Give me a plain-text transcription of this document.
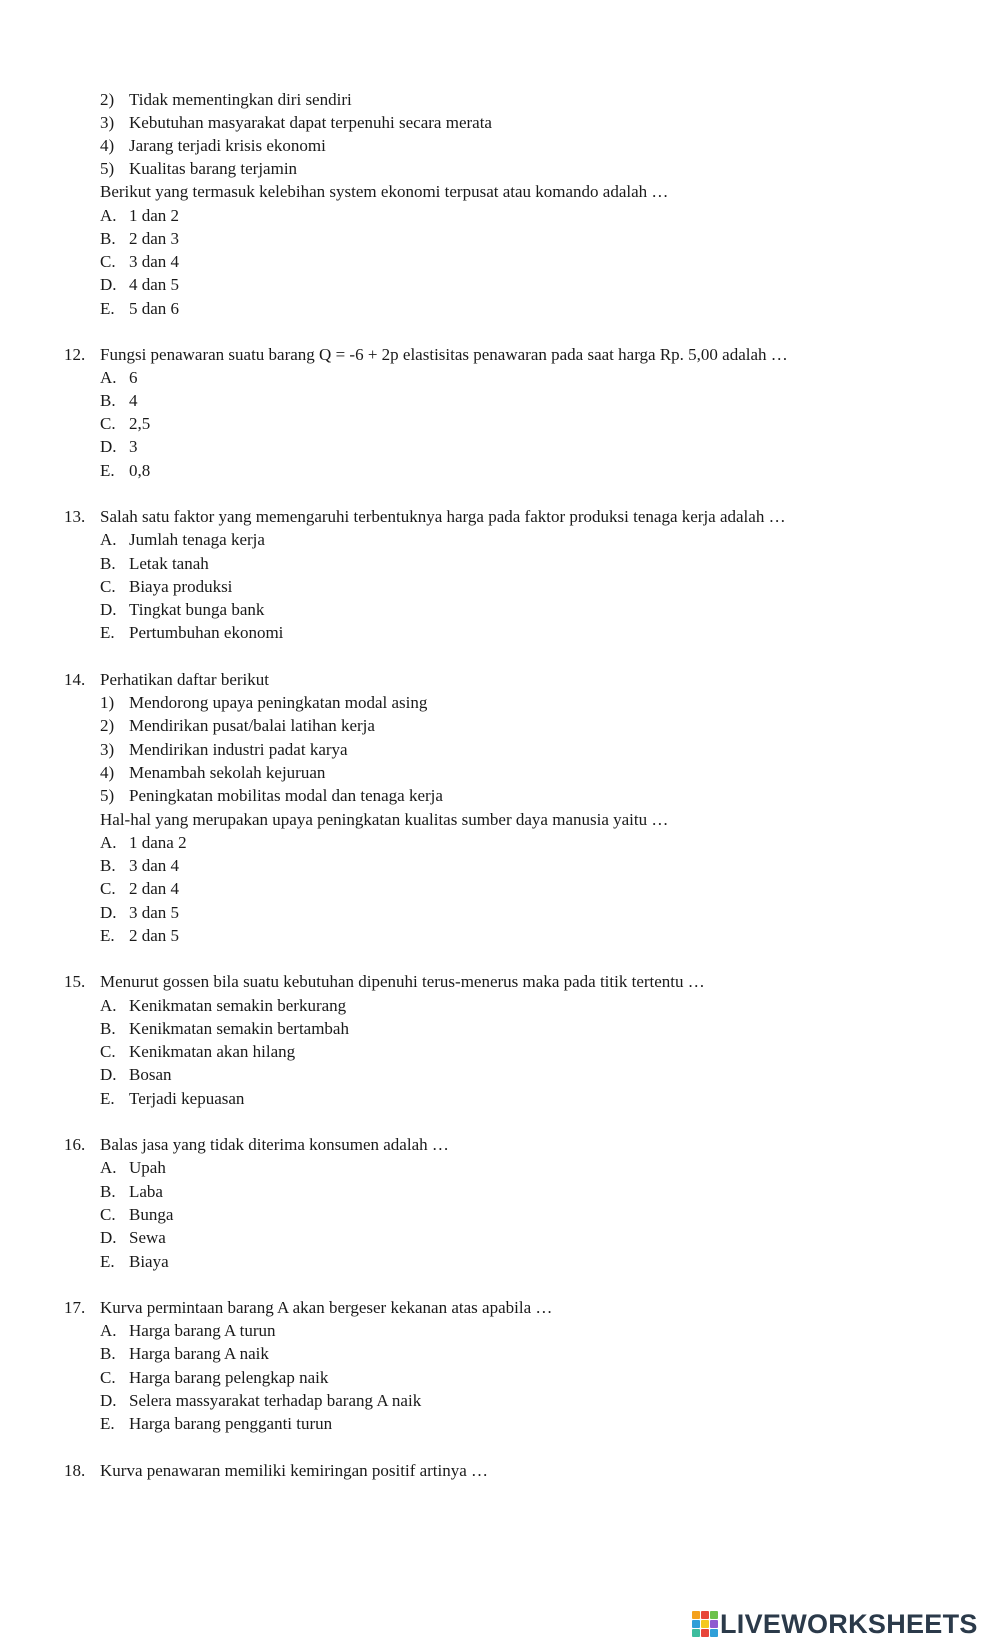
2) Tidak mementingkan diri sendiri
3) Kebutuhan masyarakat dapat terpenuhi secara merata
4) Jarang terjadi krisis ekonomi
5) Kualitas barang terjamin
Berikut yang termasuk kelebihan system ekonomi terpusat atau komando adalah …
A. 1 dan 2
B. 2 dan 3
C. 3 dan 4
D. 4 dan 5
E. 5 dan 6
12. Fungsi penawaran suatu barang Q = -6 + 2p elastisitas penawaran pada saat harga Rp. 5,00 adalah …
A. 6
B. 4
C. 2,5
D. 3
E. 0,8
13. Salah satu faktor yang memengaruhi terbentuknya harga pada faktor produksi tenaga kerja adalah …
A. Jumlah tenaga kerja
B. Letak tanah
C. Biaya produksi
D. Tingkat bunga bank
E. Pertumbuhan ekonomi
14. Perhatikan daftar berikut
1) Mendorong upaya peningkatan modal asing
2) Mendirikan pusat/balai latihan kerja
3) Mendirikan industri padat karya
4) Menambah sekolah kejuruan
5) Peningkatan mobilitas modal dan tenaga kerja
Hal-hal yang merupakan upaya peningkatan kualitas sumber daya manusia yaitu …
A. 1 dana 2
B. 3 dan 4
C. 2 dan 4
D. 3 dan 5
E. 2 dan 5
15. Menurut gossen bila suatu kebutuhan dipenuhi terus-menerus maka pada titik tertentu …
A. Kenikmatan semakin berkurang
B. Kenikmatan semakin bertambah
C. Kenikmatan akan hilang
D. Bosan
E. Terjadi kepuasan
16. Balas jasa yang tidak diterima konsumen adalah …
A. Upah
B. Laba
C. Bunga
D. Sewa
E. Biaya
17. Kurva permintaan barang A akan bergeser kekanan atas apabila …
A. Harga barang A turun
B. Harga barang A naik
C. Harga barang pelengkap naik
D. Selera massyarakat terhadap barang A naik
E. Harga barang pengganti turun
18. Kurva penawaran memiliki kemiringan positif artinya …
LIVEWORKSHEETS
